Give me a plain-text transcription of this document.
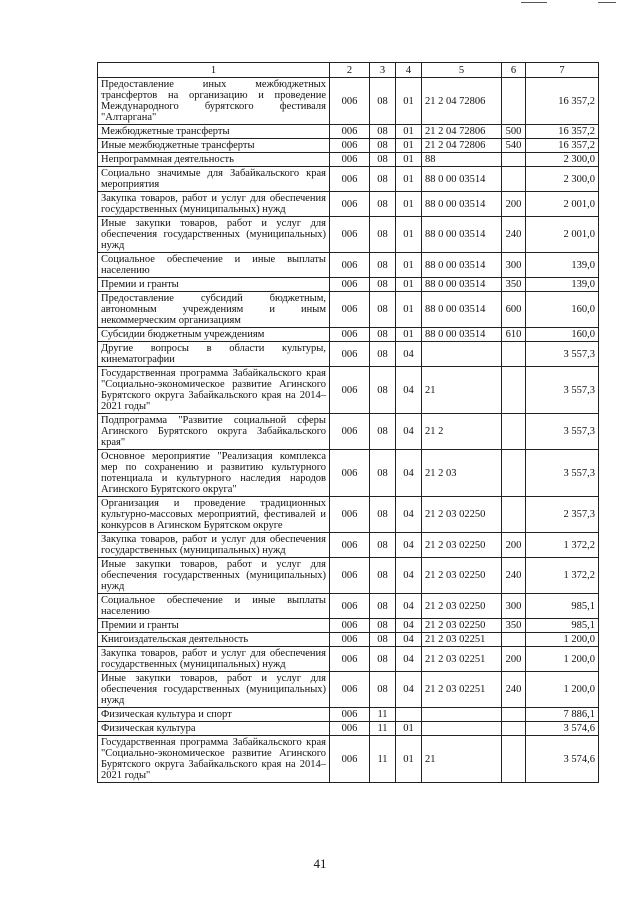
1	2	3	4	5	6	7
Предоставление иных межбюджетных трансфертов на организацию и проведение Международного бурятского фестиваля "Алтаргана"	006	08	01	21 2 04 72806		16 357,2
Межбюджетные трансферты	006	08	01	21 2 04 72806	500	16 357,2
Иные межбюджетные трансферты	006	08	01	21 2 04 72806	540	16 357,2
Непрограммная деятельность	006	08	01	88		2 300,0
Социально значимые для Забайкальского края мероприятия	006	08	01	88 0 00 03514		2 300,0
Закупка товаров, работ и услуг для обеспечения государственных (муниципальных) нужд	006	08	01	88 0 00 03514	200	2 001,0
Иные закупки товаров, работ и услуг для обеспечения государственных (муниципальных) нужд	006	08	01	88 0 00 03514	240	2 001,0
Социальное обеспечение и иные выплаты населению	006	08	01	88 0 00 03514	300	139,0
Премии и гранты	006	08	01	88 0 00 03514	350	139,0
Предоставление субсидий бюджетным, автономным учреждениям и иным некоммерческим организациям	006	08	01	88 0 00 03514	600	160,0
Субсидии бюджетным учреждениям	006	08	01	88 0 00 03514	610	160,0
Другие вопросы в области культуры, кинематографии	006	08	04			3 557,3
Государственная программа Забайкальского края "Социально-экономическое развитие Агинского Бурятского округа Забайкальского края на 2014–2021 годы"	006	08	04	21		3 557,3
Подпрограмма "Развитие социальной сферы Агинского Бурятского округа Забайкальского края"	006	08	04	21 2		3 557,3
Основное мероприятие "Реализация комплекса мер по сохранению и развитию культурного потенциала и культурного наследия народов Агинского Бурятского округа"	006	08	04	21 2 03		3 557,3
Организация и проведение традиционных культурно-массовых мероприятий, фестивалей и конкурсов в Агинском Бурятском округе	006	08	04	21 2 03 02250		2 357,3
Закупка товаров, работ и услуг для обеспечения государственных (муниципальных) нужд	006	08	04	21 2 03 02250	200	1 372,2
Иные закупки товаров, работ и услуг для обеспечения государственных (муниципальных) нужд	006	08	04	21 2 03 02250	240	1 372,2
Социальное обеспечение и иные выплаты населению	006	08	04	21 2 03 02250	300	985,1
Премии и гранты	006	08	04	21 2 03 02250	350	985,1
Книгоиздательская деятельность	006	08	04	21 2 03 02251		1 200,0
Закупка товаров, работ и услуг для обеспечения государственных (муниципальных) нужд	006	08	04	21 2 03 02251	200	1 200,0
Иные закупки товаров, работ и услуг для обеспечения государственных (муниципальных) нужд	006	08	04	21 2 03 02251	240	1 200,0
Физическая культура и спорт	006	11				7 886,1
Физическая культура	006	11	01			3 574,6
Государственная программа Забайкальского края "Социально-экономическое развитие Агинского Бурятского округа Забайкальского края на 2014–2021 годы"	006	11	01	21		3 574,6
41
